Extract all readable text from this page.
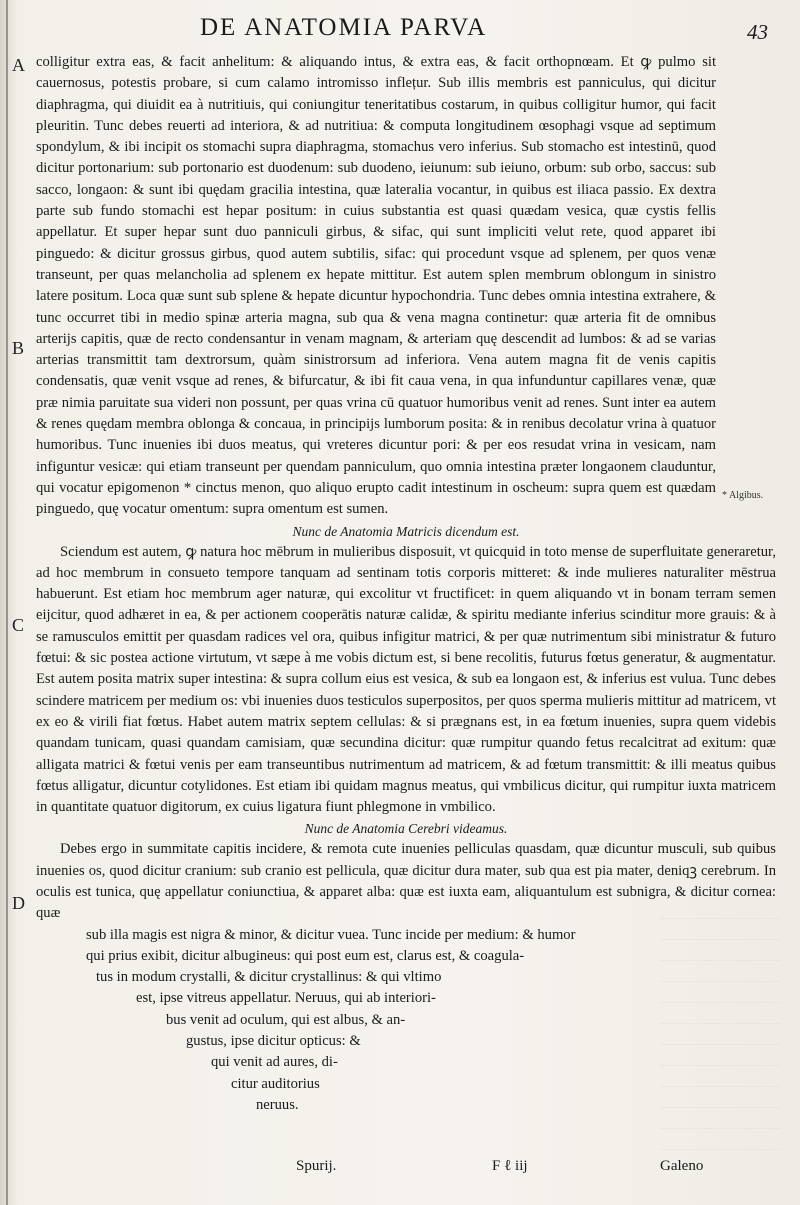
DE ANATOMIA PARVA	43
A
B
C
D
* Algibus.

colligitur extra eas, & facit anhelitum: & aliquando intus, & extra eas, & facit orthopnœam. Et ꝙ pulmo sit cauernosus, potestis probare, si cum calamo intromisso inflețur. Sub illis membris est panniculus, qui dicitur diaphragma, qui diuidit ea à nutritiuis, qui coniungitur teneritatibus costarum, in quibus colligitur humor, qui facit pleuritin. Tunc debes reuerti ad interiora, & ad nutritiua: & computa longitudinem œsophagi vsque ad septimum spondylum, & ibi incipit os stomachi supra diaphragma, stomachus vero inferius. Sub stomacho est intestinū, quod dicitur portonarium: sub portonario est duodenum: sub duodeno, ieiunum: sub ieiuno, orbum: sub orbo, saccus: sub sacco, longaon: & sunt ibi quędam gracilia intestina, quæ lateralia vocantur, in quibus est iliaca passio. Ex dextra parte sub fundo stomachi est hepar positum: in cuius substantia est quasi quædam vesica, quæ cystis fellis appellatur. Et super hepar sunt duo panniculi girbus, & sifac, qui sunt impliciti velut rete, quod apparet ibi pinguedo: & dicitur grossus girbus, quod autem subtilis, sifac: qui procedunt vsque ad splenem, per quos venæ transeunt, per quas melancholia ad splenem ex hepate mittitur. Est autem splen membrum oblongum in sinistro latere positum. Loca quæ sunt sub splene & hepate dicuntur hypochondria. Tunc debes omnia intestina extrahere, & tunc occurret tibi in medio spinæ arteria magna, sub qua & vena magna continetur: quæ arteria fit de omnibus arterijs capitis, quæ de recto condensantur in venam magnam, & arteriam quę descendit ad lumbos: & ad se varias arterias transmittit tam dextrorsum, quàm sinistrorsum ad inferiora. Vena autem magna fit de venis capitis condensatis, quæ venit vsque ad renes, & bifurcatur, & ibi fit caua vena, in qua infunduntur capillares venæ, quæ præ nimia paruitate sua videri non possunt, per quas vrina cū quatuor humoribus venit ad renes. Sunt inter ea autem & renes quędam membra oblonga & concaua, in principijs lumborum posita: & in renibus decolatur vrina à quatuor humoribus. Tunc inuenies ibi duos meatus, qui vreteres dicuntur pori: & per eos resudat vrina in vesicam, nam infiguntur vesicæ: qui etiam transeunt per quendam panniculum, quo omnia intestina præter longaonem clauduntur, qui vocatur epigomenon * cinctus menon, quo aliquo erupto cadit intestinum in oscheum: supra quem est quædam pinguedo, quę vocatur omentum: supra omentum est sumen.

Nunc de Anatomia Matricis dicendum est.

Sciendum est autem, ꝙ natura hoc mēbrum in mulieribus disposuit, vt quicquid in toto mense de superfluitate generaretur, ad hoc membrum in consueto tempore tanquam ad sentinam totis corporis mitteret: & inde mulieres naturaliter mēstrua habuerunt. Est etiam hoc membrum ager naturæ, qui excolitur vt fructificet: in quem aliquando vt in bonam terram semen eijcitur, quod adhæret in ea, & per actionem cooperātis naturæ calidæ, & spiritu mediante inferius scinditur more grauis: & à se ramusculos emittit per quasdam radices vel ora, quibus infigitur matrici, & per quæ nutrimentum sibi ministratur & futuro fœtui: & sic postea actione virtutum, vt sæpe à me vobis dictum est, si bene recolitis, futurus fœtus generatur, & augmentatur. Est autem posita matrix super intestina: & supra collum eius est vesica, & sub ea longaon est, & inferius est vulua. Tunc debes scindere matricem per medium os: vbi inuenies duos testiculos superpositos, per quos sperma mulieris mittitur ad matricem, vt ex eo & virili fiat fœtus. Habet autem matrix septem cellulas: & si prægnans est, in ea fœtum inuenies, supra quem videbis quandam tunicam, quasi quandam camisiam, quæ secundina dicitur: quæ rumpitur quando fetus recalcitrat ad exitum: quæ alligata matrici & fœtui venis per eam transeuntibus nutrimentum ad matricem, & ad fœtum transmittit: & illi meatus quibus fœtus alligatur, dicuntur cotylidones. Est etiam ibi quidam magnus meatus, qui vmbilicus dicitur, qui rumpitur iuxta matricem in quantitate quatuor digitorum, ex cuius ligatura fiunt phlegmone in vmbilico.

Nunc de Anatomia Cerebri videamus.

Debes ergo in summitate capitis incidere, & remota cute inuenies pelliculas quasdam, quæ dicuntur musculi, sub quibus inuenies os, quod dicitur cranium: sub cranio est pellicula, quæ dicitur dura mater, sub qua est pia mater, deniqꝫ cerebrum. In oculis est tunica, quę appellatur coniunctiua, & apparet alba: quæ est iuxta eam, aliquantulum est subnigra, & dicitur cornea: quæ

sub illa magis est nigra & minor, & dicitur vuea. Tunc incide per medium: & humor

qui prius exibit, dicitur albugineus: qui post eum est, clarus est, & coagula-

tus in modum crystalli, & dicitur crystallinus: & qui vltimo

est, ipse vitreus appellatur. Neruus, qui ab interiori-

bus venit ad oculum, qui est albus, & an-

gustus, ipse dicitur opticus: &

qui venit ad aures, di-

citur auditorius

neruus.

Spurij.	F ℓ iij	Galeno
